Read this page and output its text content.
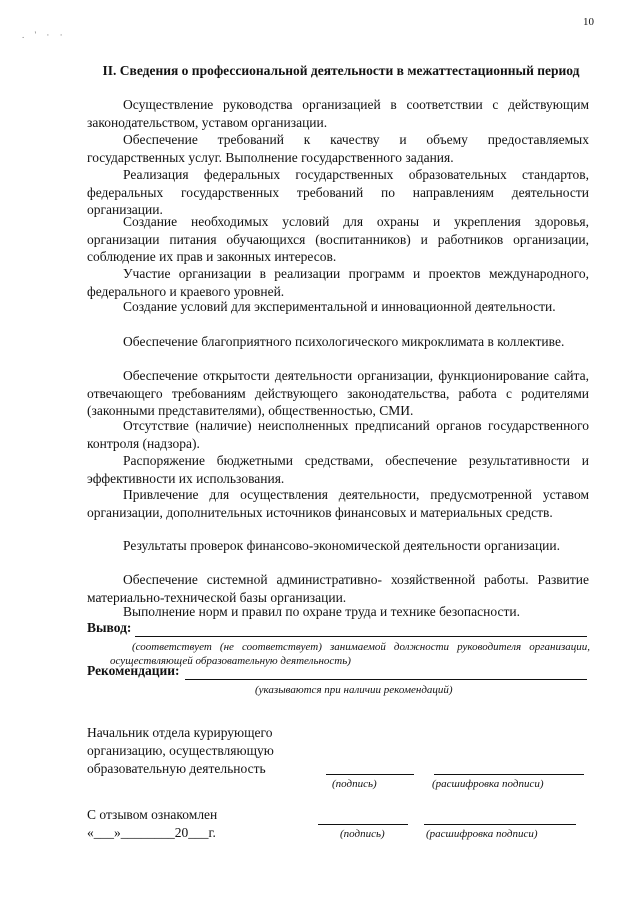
10
. ' · ·
II. Сведения о профессиональной деятельности в межаттестационный период
Осуществление руководства организацией в соответствии с действующим законодательством, уставом организации.
Обеспечение требований к качеству и объему предоставляемых государственных услуг. Выполнение государственного задания.
Реализация федеральных государственных образовательных стандартов, федеральных государственных требований по направлениям деятельности организации.
Создание необходимых условий для охраны и укрепления здоровья, организации питания обучающихся (воспитанников) и работников организации, соблюдение их прав и законных интересов.
Участие организации в реализации программ и проектов международного, федерального и краевого уровней.
Создание условий для экспериментальной и инновационной деятельности.
Обеспечение благоприятного психологического микроклимата в коллективе.
Обеспечение открытости деятельности организации, функционирование сайта, отвечающего требованиям действующего законодательства, работа с родителями (законными представителями), общественностью, СМИ.
Отсутствие (наличие) неисполненных предписаний органов государственного контроля (надзора).
Распоряжение бюджетными средствами, обеспечение результативности и эффективности их использования.
Привлечение для осуществления деятельности, предусмотренной уставом организации, дополнительных источников финансовых и материальных средств.
Результаты проверок финансово-экономической деятельности организации.
Обеспечение системной административно- хозяйственной работы. Развитие материально-технической базы организации.
Выполнение норм и правил по охране труда и технике безопасности.
Вывод:
(соответствует (не соответствует) занимаемой должности руководителя организации, осуществляющей образовательную деятельность)
Рекомендации:
(указываются при наличии рекомендаций)
Начальник отдела курирующего
организацию, осуществляющую
образовательную деятельность
(подпись)	(расшифровка подписи)
С отзывом ознакомлен
«___»________20___г.	(подпись)	(расшифровка подписи)
